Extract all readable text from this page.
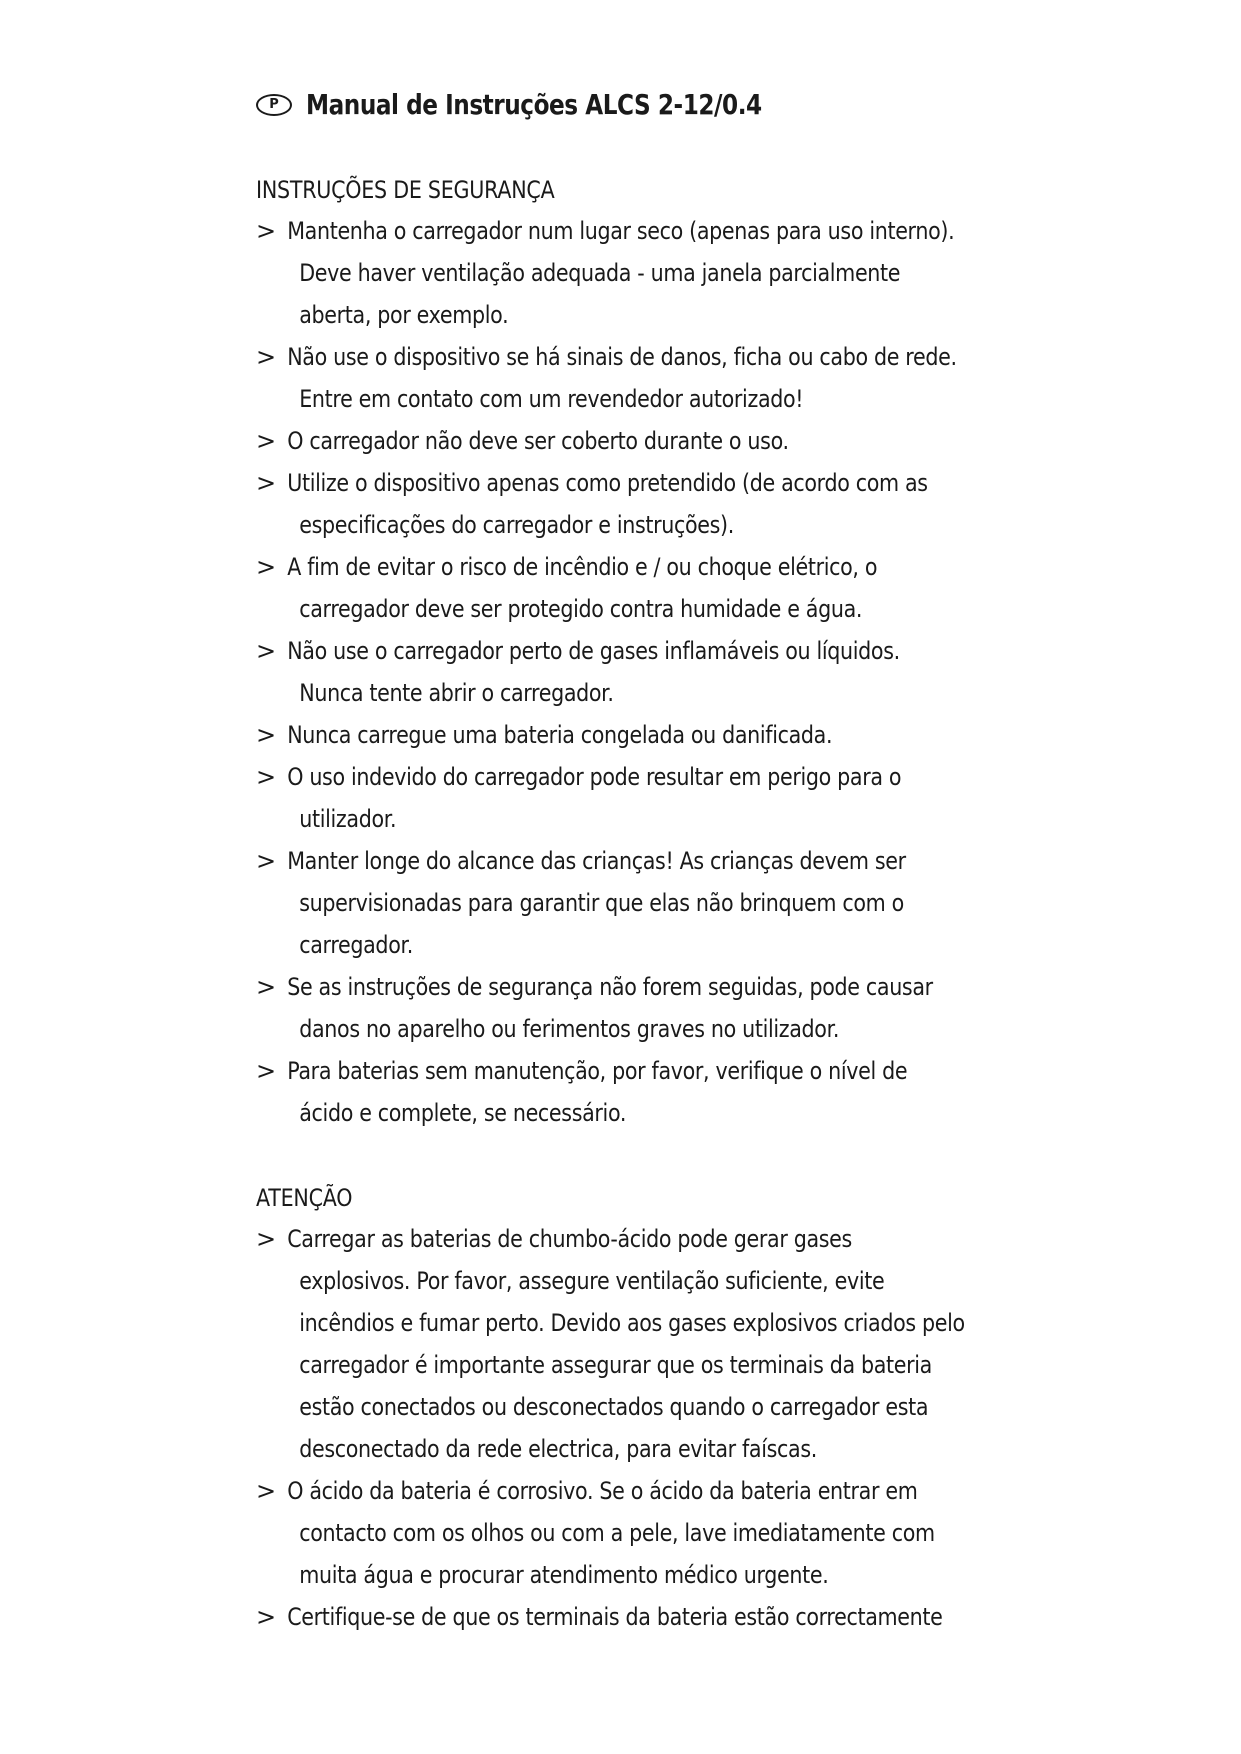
P Manual de Instruções ALCS 2-12/0.4
INSTRUÇÕES DE SEGURANÇA
> Mantenha o carregador num lugar seco (apenas para uso interno).
Deve haver ventilação adequada - uma janela parcialmente
aberta, por exemplo.
> Não use o dispositivo se há sinais de danos, ficha ou cabo de rede.
Entre em contato com um revendedor autorizado!
> O carregador não deve ser coberto durante o uso.
> Utilize o dispositivo apenas como pretendido (de acordo com as
especificações do carregador e instruções).
> A fim de evitar o risco de incêndio e / ou choque elétrico, o
carregador deve ser protegido contra humidade e água.
> Não use o carregador perto de gases inflamáveis ou líquidos.
Nunca tente abrir o carregador.
> Nunca carregue uma bateria congelada ou danificada.
> O uso indevido do carregador pode resultar em perigo para o
utilizador.
> Manter longe do alcance das crianças! As crianças devem ser
supervisionadas para garantir que elas não brinquem com o
carregador.
> Se as instruções de segurança não forem seguidas, pode causar
danos no aparelho ou ferimentos graves no utilizador.
> Para baterias sem manutenção, por favor, verifique o nível de
ácido e complete, se necessário.
ATENÇÃO
> Carregar as baterias de chumbo-ácido pode gerar gases
explosivos. Por favor, assegure ventilação suficiente, evite
incêndios e fumar perto. Devido aos gases explosivos criados pelo
carregador é importante assegurar que os terminais da bateria
estão conectados ou desconectados quando o carregador esta
desconectado da rede electrica, para evitar faíscas.
> O ácido da bateria é corrosivo. Se o ácido da bateria entrar em
contacto com os olhos ou com a pele, lave imediatamente com
muita água e procurar atendimento médico urgente.
> Certifique-se de que os terminais da bateria estão correctamente
